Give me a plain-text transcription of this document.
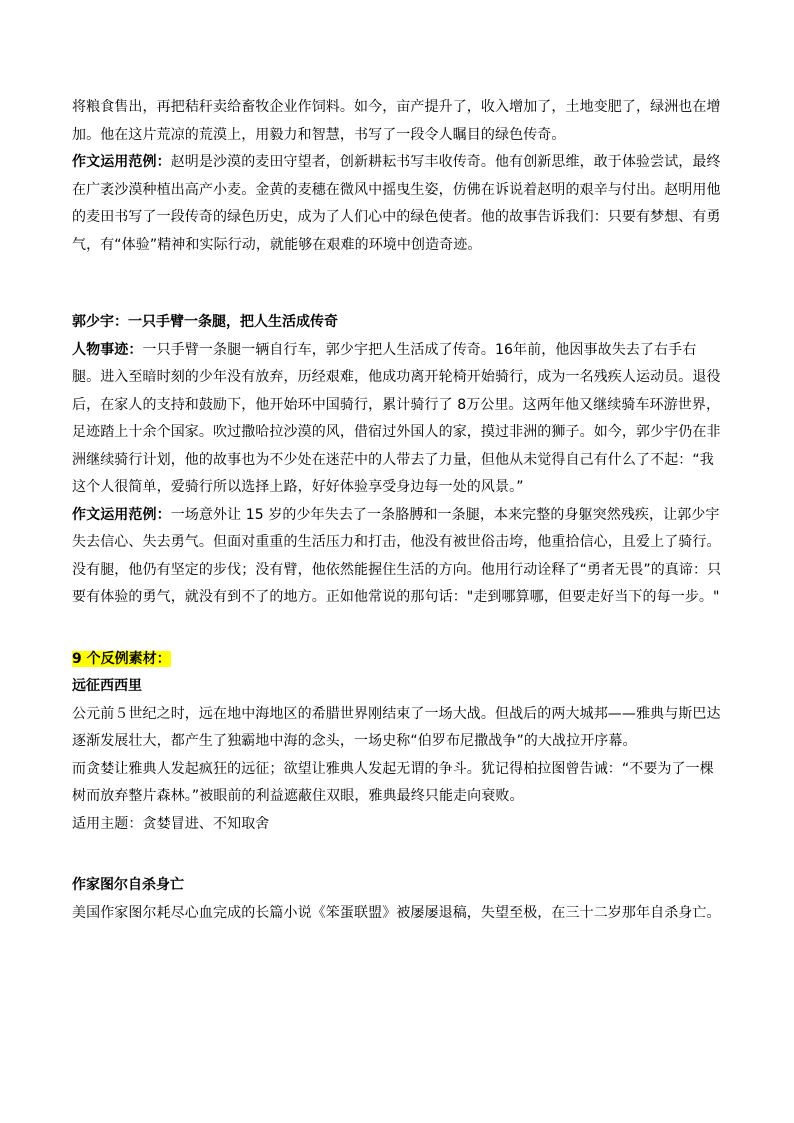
将粮食售出，再把秸秆卖给畜牧企业作饲料。如今，亩产提升了，收入增加了，土地变肥了，绿洲也在增加。他在这片荒凉的荒漠上，用毅力和智慧，书写了一段令人瞩目的绿色传奇。

作文运用范例：赵明是沙漠的麦田守望者，创新耕耘书写丰收传奇。他有创新思维，敢于体验尝试，最终在广袤沙漠种植出高产小麦。金黄的麦穗在微风中摇曳生姿，仿佛在诉说着赵明的艰辛与付出。赵明用他的麦田书写了一段传奇的绿色历史，成为了人们心中的绿色使者。他的故事告诉我们：只要有梦想、有勇气，有“体验”精神和实际行动，就能够在艰难的环境中创造奇迹。

郭少宇：一只手臂一条腿，把人生活成传奇

人物事迹：一只手臂一条腿一辆自行车，郭少宇把人生活成了传奇。16年前，他因事故失去了右手右腿。进入至暗时刻的少年没有放弃，历经艰难，他成功离开轮椅开始骑行，成为一名残疾人运动员。退役后，在家人的支持和鼓励下，他开始环中国骑行，累计骑行了 8万公里。这两年他又继续骑车环游世界，足迹踏上十余个国家。吹过撒哈拉沙漠的风，借宿过外国人的家，摸过非洲的狮子。如今，郭少宇仍在非洲继续骑行计划，他的故事也为不少处在迷茫中的人带去了力量，但他从未觉得自己有什么了不起：“我这个人很简单，爱骑行所以选择上路，好好体验享受身边每一处的风景。”

作文运用范例：一场意外让 15 岁的少年失去了一条胳膊和一条腿，本来完整的身躯突然残疾，让郭少宇失去信心、失去勇气。但面对重重的生活压力和打击，他没有被世俗击垮，他重拾信心，且爱上了骑行。没有腿，他仍有坚定的步伐；没有臂，他依然能握住生活的方向。他用行动诠释了“勇者无畏”的真谛：只要有体验的勇气，就没有到不了的地方。正如他常说的那句话："走到哪算哪，但要走好当下的每一步。"

9 个反例素材：

远征西西里

公元前５世纪之时，远在地中海地区的希腊世界刚结束了一场大战。但战后的两大城邦——雅典与斯巴达逐渐发展壮大，都产生了独霸地中海的念头，一场史称“伯罗布尼撒战争”的大战拉开序幕。

而贪婪让雅典人发起疯狂的远征；欲望让雅典人发起无谓的争斗。犹记得柏拉图曾告诫：“不要为了一棵树而放弃整片森林。”被眼前的利益遮蔽住双眼，雅典最终只能走向衰败。

适用主题：贪婪冒进、不知取舍

作家图尔自杀身亡

美国作家图尔耗尽心血完成的长篇小说《笨蛋联盟》被屡屡退稿，失望至极，在三十二岁那年自杀身亡。
